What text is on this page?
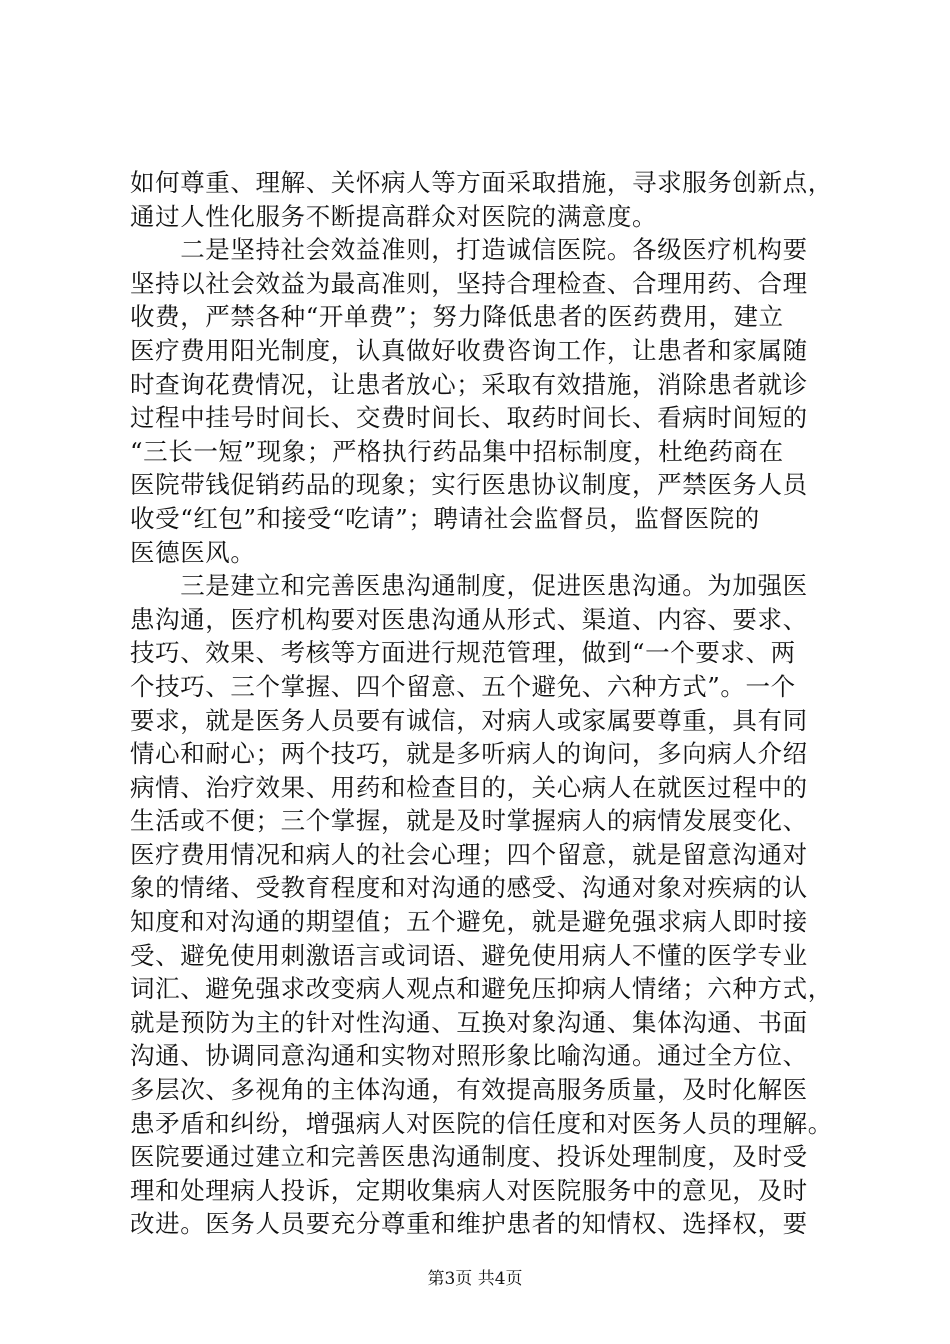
如何尊重、理解、关怀病人等方面采取措施，寻求服务创新点，
通过人性化服务不断提高群众对医院的满意度。
　　二是坚持社会效益准则，打造诚信医院。各级医疗机构要
坚持以社会效益为最高准则，坚持合理检查、合理用药、合理
收费，严禁各种“开单费”；努力降低患者的医药费用，建立
医疗费用阳光制度，认真做好收费咨询工作，让患者和家属随
时查询花费情况，让患者放心；采取有效措施，消除患者就诊
过程中挂号时间长、交费时间长、取药时间长、看病时间短的
“三长一短”现象；严格执行药品集中招标制度，杜绝药商在
医院带钱促销药品的现象；实行医患协议制度，严禁医务人员
收受“红包”和接受“吃请”；聘请社会监督员，监督医院的
医德医风。
　　三是建立和完善医患沟通制度，促进医患沟通。为加强医
患沟通，医疗机构要对医患沟通从形式、渠道、内容、要求、
技巧、效果、考核等方面进行规范管理，做到“一个要求、两
个技巧、三个掌握、四个留意、五个避免、六种方式”。一个
要求，就是医务人员要有诚信，对病人或家属要尊重，具有同
情心和耐心；两个技巧，就是多听病人的询问，多向病人介绍
病情、治疗效果、用药和检查目的，关心病人在就医过程中的
生活或不便；三个掌握，就是及时掌握病人的病情发展变化、
医疗费用情况和病人的社会心理；四个留意，就是留意沟通对
象的情绪、受教育程度和对沟通的感受、沟通对象对疾病的认
知度和对沟通的期望值；五个避免，就是避免强求病人即时接
受、避免使用刺激语言或词语、避免使用病人不懂的医学专业
词汇、避免强求改变病人观点和避免压抑病人情绪；六种方式，
就是预防为主的针对性沟通、互换对象沟通、集体沟通、书面
沟通、协调同意沟通和实物对照形象比喻沟通。通过全方位、
多层次、多视角的主体沟通，有效提高服务质量，及时化解医
患矛盾和纠纷，增强病人对医院的信任度和对医务人员的理解。
医院要通过建立和完善医患沟通制度、投诉处理制度，及时受
理和处理病人投诉，定期收集病人对医院服务中的意见，及时
改进。医务人员要充分尊重和维护患者的知情权、选择权，要
第3页 共4页
